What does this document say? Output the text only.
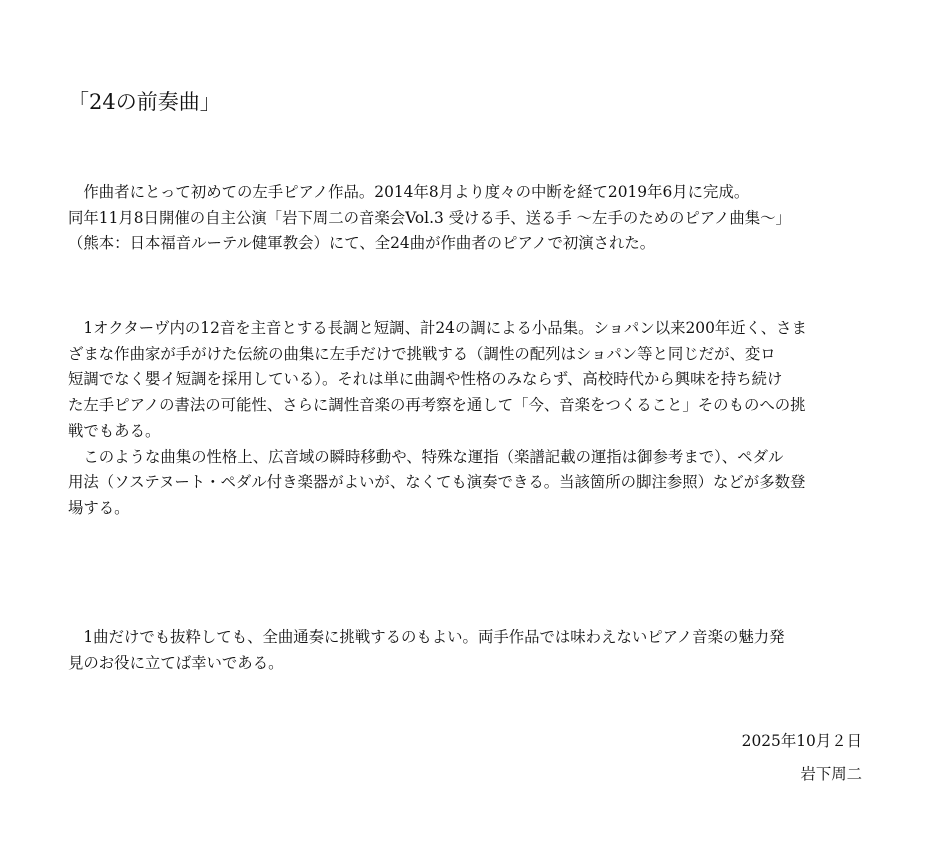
「24の前奏曲」
　作曲者にとって初めての左手ピアノ作品。2014年8月より度々の中断を経て2019年6月に完成。
同年11月8日開催の自主公演「岩下周二の音楽会Vol.3 受ける手、送る手 〜左手のためのピアノ曲集〜」
（熊本：日本福音ルーテル健軍教会）にて、全24曲が作曲者のピアノで初演された。
　1オクターヴ内の12音を主音とする長調と短調、計24の調による小品集。ショパン以来200年近く、さま
ざまな作曲家が手がけた伝統の曲集に左手だけで挑戦する（調性の配列はショパン等と同じだが、変ロ
短調でなく嬰イ短調を採用している）。それは単に曲調や性格のみならず、高校時代から興味を持ち続け
た左手ピアノの書法の可能性、さらに調性音楽の再考察を通して「今、音楽をつくること」そのものへの挑
戦でもある。
　このような曲集の性格上、広音域の瞬時移動や、特殊な運指（楽譜記載の運指は御参考まで）、ペダル
用法（ソステヌート・ペダル付き楽器がよいが、なくても演奏できる。当該箇所の脚注参照）などが多数登
場する。
　1曲だけでも抜粋しても、全曲通奏に挑戦するのもよい。両手作品では味わえないピアノ音楽の魅力発
見のお役に立てば幸いである。
2025年10月２日
岩下周二
